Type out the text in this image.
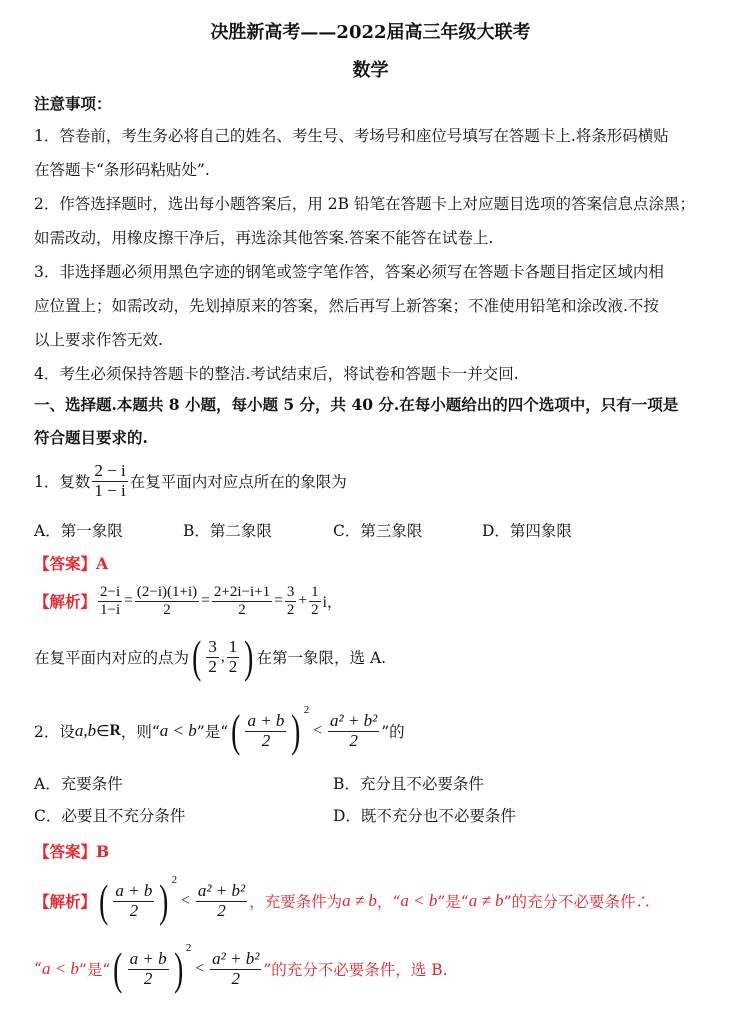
决胜新高考——2022届高三年级大联考
数学
注意事项：
1．答卷前，考生务必将自己的姓名、考生号、考场号和座位号填写在答题卡上.将条形码横贴
在答题卡“条形码粘贴处”.
2．作答选择题时，选出每小题答案后，用 2B 铅笔在答题卡上对应题目选项的答案信息点涂黑；
如需改动，用橡皮擦干净后，再选涂其他答案.答案不能答在试卷上.
3．非选择题必须用黑色字迹的钢笔或签字笔作答，答案必须写在答题卡各题目指定区域内相
应位置上；如需改动，先划掉原来的答案，然后再写上新答案；不准使用铅笔和涂改液.不按
以上要求作答无效.
4．考生必须保持答题卡的整洁.考试结束后，将试卷和答题卡一并交回.
一、选择题.本题共 8 小题，每小题 5 分，共 40 分.在每小题给出的四个选项中，只有一项是
符合题目要求的.
1．复数 $\frac{2 - i}{1 - i}$ 在复平面内对应点所在的象限为
A．第一象限	B．第二象限	C．第三象限	D．第四象限
【答案】A
【解析】 $\frac{2-i}{1-i} = \frac{(2-i)(1+i)}{2} = \frac{2+2i-i+1}{2} = \frac{3}{2} + \frac{1}{2}$ i，
在复平面内对应的点为 ( $\frac{3}{2}$ , $\frac{1}{2}$ ) 在第一象限，选 A.
2．设 a,b ∈ R ，则“ a < b ”是“ ( $\frac{a + b}{2}$ ) 2
< $\frac{\text{a² + b²}}{2}$ ”的
A．充要条件	B．充分且不必要条件
C．必要且不充分条件	D．既不充分也不必要条件
【答案】B
【解析】 ( $\frac{a + b}{2}$ ) 2
< $\frac{\text{a² + b²}}{2}$ ，充要条件为 a ≠ b ，“ a < b ”是“ a ≠ b ”的充分不必要条件∴
“ a < b ”是“ ( $\frac{a + b}{2}$ ) 2
< $\frac{\text{a² + b²}}{2}$ ”的充分不必要条件，选 B.
